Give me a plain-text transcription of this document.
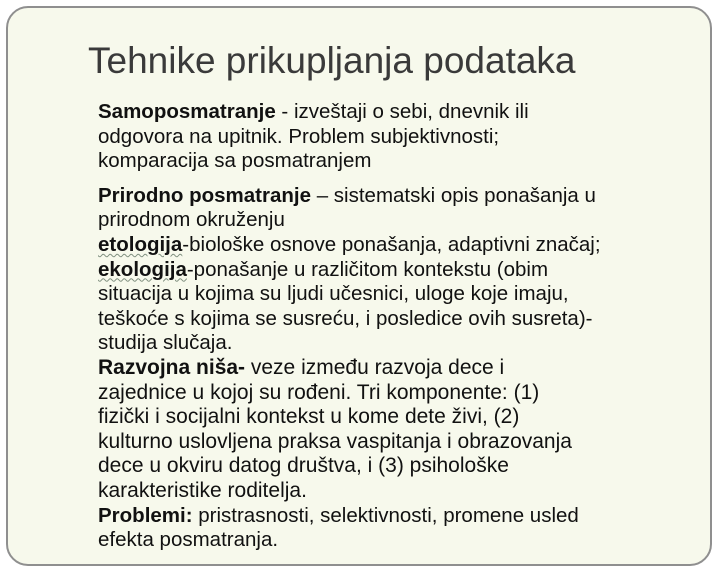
Tehnike prikupljanja podataka
Samoposmatranje - izveštaji o sebi, dnevnik ili
odgovora na upitnik. Problem subjektivnosti;
komparacija sa posmatranjem
Prirodno posmatranje – sistematski opis ponašanja u
prirodnom okruženju
etologija-biološke osnove ponašanja, adaptivni značaj;
ekologija-ponašanje u različitom kontekstu (obim
situacija u kojima su ljudi učesnici, uloge koje imaju,
teškoće s kojima se susreću, i posledice ovih susreta)-
studija slučaja.
Razvojna niša- veze između razvoja dece i
zajednice u kojoj su rođeni. Tri komponente: (1)
fizički i socijalni kontekst u kome dete živi, (2)
kulturno uslovljena praksa vaspitanja i obrazovanja
dece u okviru datog društva, i (3) psihološke
karakteristike roditelja.
Problemi: pristrasnosti, selektivnosti, promene usled
efekta posmatranja.
